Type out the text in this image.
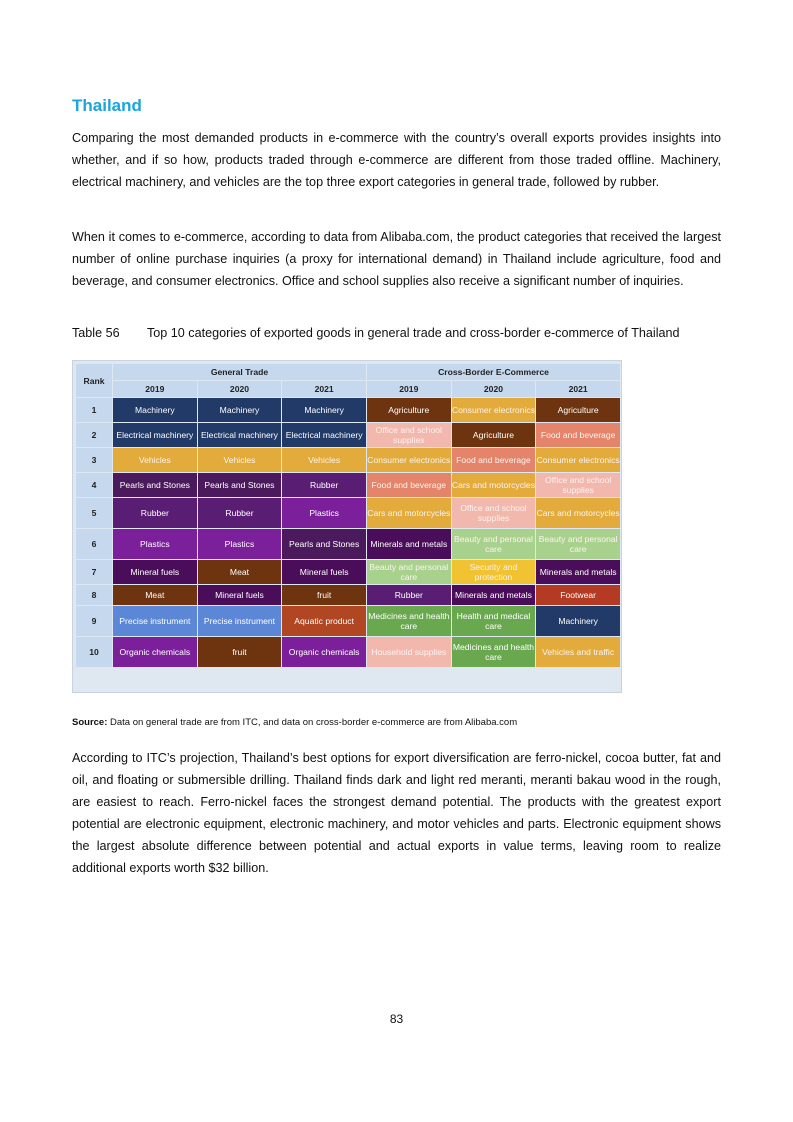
Thailand

Comparing the most demanded products in e-commerce with the country’s overall exports provides insights into whether, and if so how, products traded through e-commerce are different from those traded offline. Machinery, electrical machinery, and vehicles are the top three export categories in general trade, followed by rubber.

When it comes to e-commerce, according to data from Alibaba.com, the product categories that received the largest number of online purchase inquiries (a proxy for international demand) in Thailand include agriculture, food and beverage, and consumer electronics. Office and school supplies also receive a significant number of inquiries.

Table 56 Top 10 categories of exported goods in general trade and cross-border e-commerce of Thailand
Rank	General Trade			Cross-Border E-Commerce		
	2019	2020	2021	2019	2020	2021
1	Machinery	Machinery	Machinery	Agriculture	Consumer electronics	Agriculture
2	Electrical machinery	Electrical machinery	Electrical machinery	Office and school supplies	Agriculture	Food and beverage
3	Vehicles	Vehicles	Vehicles	Consumer electronics	Food and beverage	Consumer electronics
4	Pearls and Stones	Pearls and Stones	Rubber	Food and beverage	Cars and motorcycles	Office and school supplies
5	Rubber	Rubber	Plastics	Cars and motorcycles	Office and school supplies	Cars and motorcycles
6	Plastics	Plastics	Pearls and Stones	Minerals and metals	Beauty and personal care	Beauty and personal care
7	Mineral fuels	Meat	Mineral fuels	Beauty and personal care	Security and protection	Minerals and metals
8	Meat	Mineral fuels	fruit	Rubber	Minerals and metals	Footwear
9	Precise instrument	Precise instrument	Aquatic product	Medicines and health care	Health and medical care	Machinery
10	Organic chemicals	fruit	Organic chemicals	Household supplies	Medicines and health care	Vehicles and traffic
Source: Data on general trade are from ITC, and data on cross-border e-commerce are from Alibaba.com

According to ITC’s projection, Thailand’s best options for export diversification are ferro-nickel, cocoa butter, fat and oil, and floating or submersible drilling. Thailand finds dark and light red meranti, meranti bakau wood in the rough, are easiest to reach. Ferro-nickel faces the strongest demand potential. The products with the greatest export potential are electronic equipment, electronic machinery, and motor vehicles and parts. Electronic equipment shows the largest absolute difference between potential and actual exports in value terms, leaving room to realize additional exports worth $32 billion.

83
